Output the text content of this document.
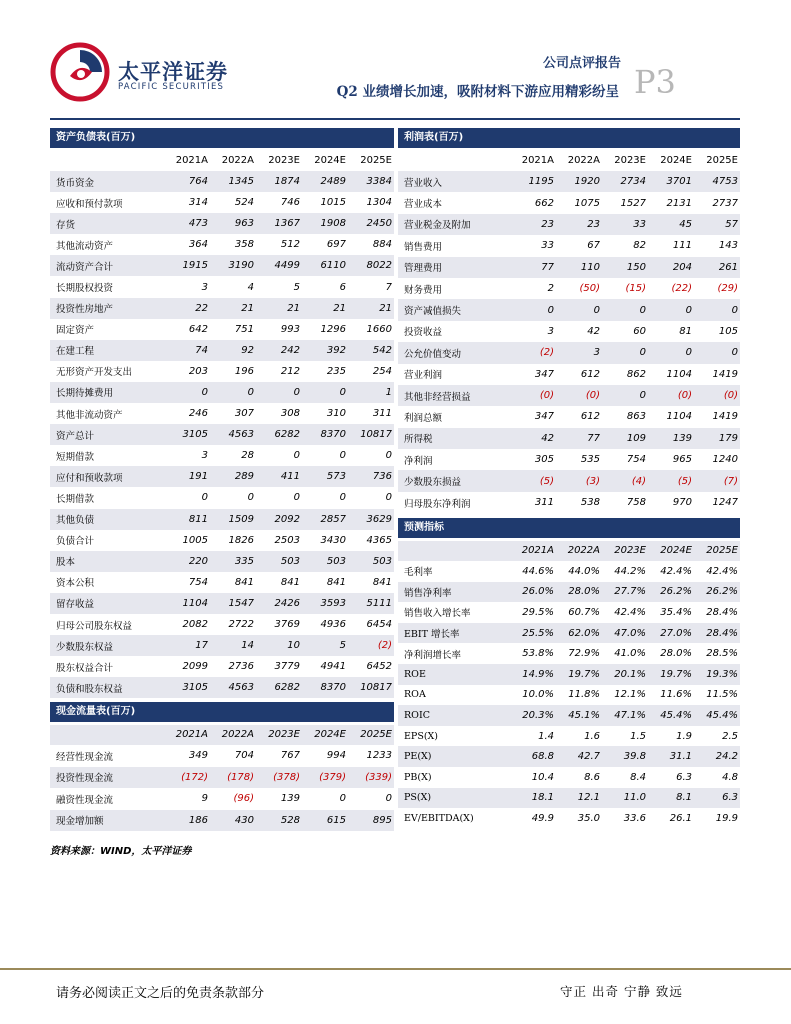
太平洋证券
PACIFIC SECURITIES
公司点评报告
Q2 业绩增长加速，吸附材料下游应用精彩纷呈 P3
资产负债表(百万)
2021A	2022A	2023E	2024E	2025E
货币资金	764	1345	1874	2489	3384
应收和预付款项	314	524	746	1015	1304
存货	473	963	1367	1908	2450
其他流动资产	364	358	512	697	884
流动资产合计	1915	3190	4499	6110	8022
长期股权投资	3	4	5	6	7
投资性房地产	22	21	21	21	21
固定资产	642	751	993	1296	1660
在建工程	74	92	242	392	542
无形资产开发支出	203	196	212	235	254
长期待摊费用	0	0	0	0	1
其他非流动资产	246	307	308	310	311
资产总计	3105	4563	6282	8370	10817
短期借款	3	28	0	0	0
应付和预收款项	191	289	411	573	736
长期借款	0	0	0	0	0
其他负债	811	1509	2092	2857	3629
负债合计	1005	1826	2503	3430	4365
股本	220	335	503	503	503
资本公积	754	841	841	841	841
留存收益	1104	1547	2426	3593	5111
归母公司股东权益	2082	2722	3769	4936	6454
少数股东权益	17	14	10	5	(2)
股东权益合计	2099	2736	3779	4941	6452
负债和股东权益	3105	4563	6282	8370	10817
现金流量表(百万)
2021A	2022A	2023E	2024E	2025E
经营性现金流	349	704	767	994	1233
投资性现金流	(172)	(178)	(378)	(379)	(339)
融资性现金流	9	(96)	139	0	0
现金增加额	186	430	528	615	895
利润表(百万)
2021A	2022A	2023E	2024E	2025E
营业收入	1195	1920	2734	3701	4753
营业成本	662	1075	1527	2131	2737
营业税金及附加	23	23	33	45	57
销售费用	33	67	82	111	143
管理费用	77	110	150	204	261
财务费用	2	(50)	(15)	(22)	(29)
资产减值损失	0	0	0	0	0
投资收益	3	42	60	81	105
公允价值变动	(2)	3	0	0	0
营业利润	347	612	862	1104	1419
其他非经营损益	(0)	(0)	0	(0)	(0)
利润总额	347	612	863	1104	1419
所得税	42	77	109	139	179
净利润	305	535	754	965	1240
少数股东损益	(5)	(3)	(4)	(5)	(7)
归母股东净利润	311	538	758	970	1247
预测指标
2021A	2022A	2023E	2024E	2025E
毛利率	44.6%	44.0%	44.2%	42.4%	42.4%
销售净利率	26.0%	28.0%	27.7%	26.2%	26.2%
销售收入增长率	29.5%	60.7%	42.4%	35.4%	28.4%
EBIT 增长率	25.5%	62.0%	47.0%	27.0%	28.4%
净利润增长率	53.8%	72.9%	41.0%	28.0%	28.5%
ROE	14.9%	19.7%	20.1%	19.7%	19.3%
ROA	10.0%	11.8%	12.1%	11.6%	11.5%
ROIC	20.3%	45.1%	47.1%	45.4%	45.4%
EPS(X)	1.4	1.6	1.5	1.9	2.5
PE(X)	68.8	42.7	39.8	31.1	24.2
PB(X)	10.4	8.6	8.4	6.3	4.8
PS(X)	18.1	12.1	11.0	8.1	6.3
EV/EBITDA(X)	49.9	35.0	33.6	26.1	19.9
资料来源：WIND，太平洋证券
请务必阅读正文之后的免责条款部分	守正 出奇 宁静 致远
